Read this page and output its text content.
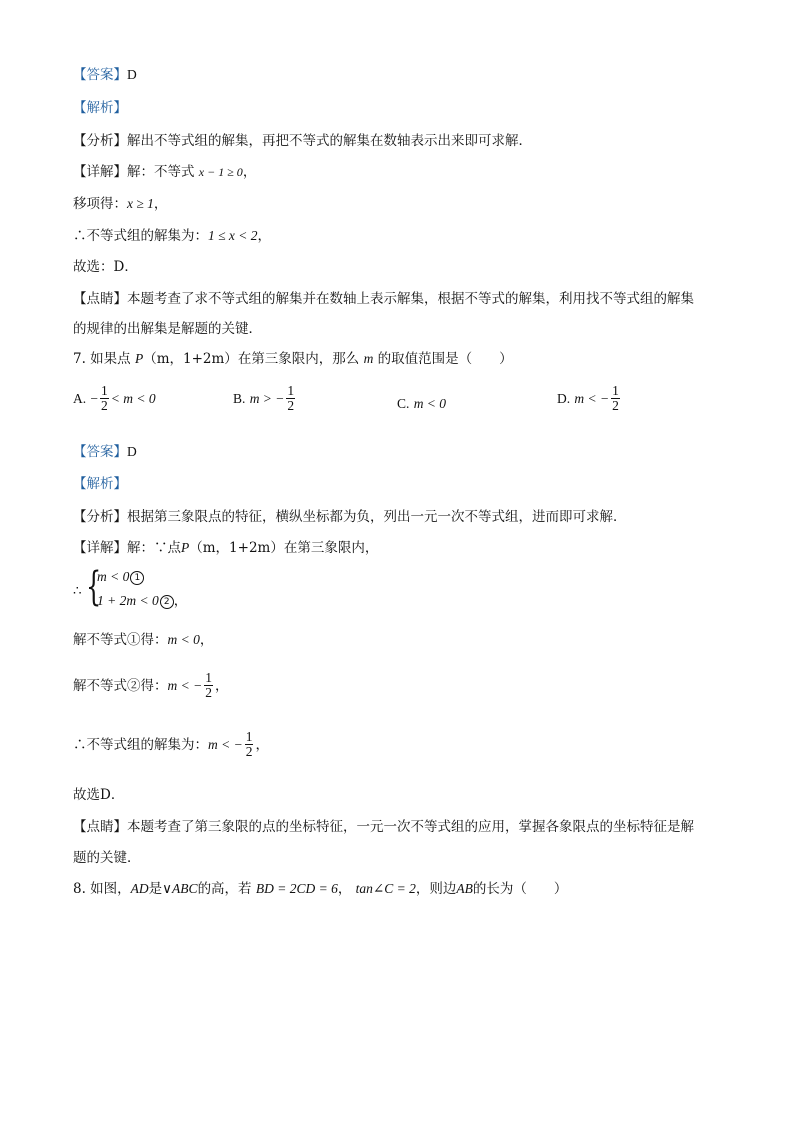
【答案】D
【解析】
【分析】解出不等式组的解集，再把不等式的解集在数轴表示出来即可求解．
【详解】解：不等式 x − 1 ≥ 0，
移项得：x ≥ 1，
∴不等式组的解集为：1 ≤ x < 2，
故选：D．
【点睛】本题考查了求不等式组的解集并在数轴上表示解集，根据不等式的解集，利用找不等式组的解集
的规律的出解集是解题的关键．
7. 如果点 P（m，1+2m）在第三象限内，那么 m 的取值范围是（　　）
A. − $\frac{1}{2} < m < 0$	B. m > − $\frac{1}{2}$	C. m < 0	D. m < − $\frac{1}{2}$
【答案】D
【解析】
【分析】根据第三象限点的特征，横纵坐标都为负，列出一元一次不等式组，进而即可求解．
【详解】解：∵点P（m，1+2m）在第三象限内，
∴ {
m < 0 1
1 + 2m < 0 2 ，
解不等式①得：m < 0，
解不等式②得：m < − $\frac{1}{2}$ ，
∴不等式组的解集为：m < − $\frac{1}{2}$ ，
故选D．
【点睛】本题考查了第三象限的点的坐标特征，一元一次不等式组的应用，掌握各象限点的坐标特征是解
题的关键．
8. 如图，AD是∨ABC的高，若 BD = 2CD = 6， tan∠C = 2，则边AB的长为（　　）
